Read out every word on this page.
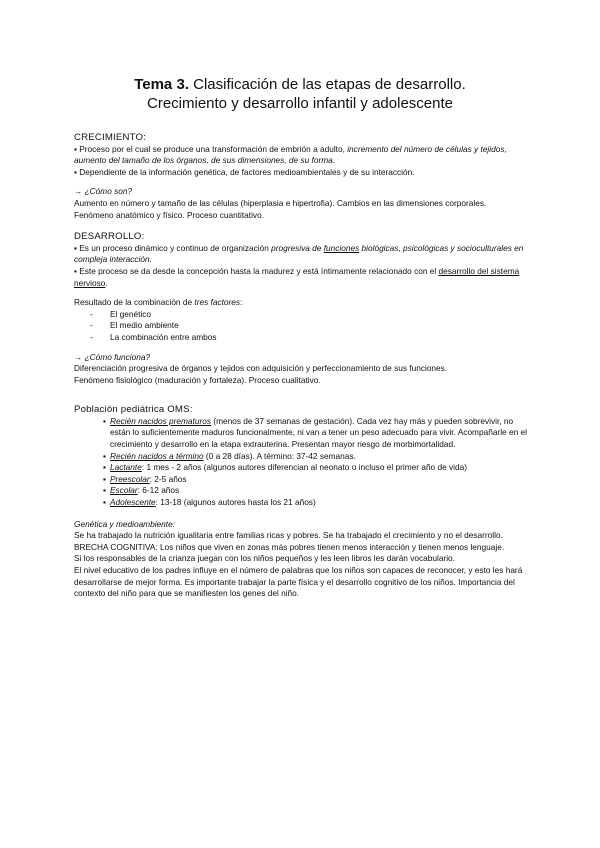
Tema 3. Clasificación de las etapas de desarrollo.
Crecimiento y desarrollo infantil y adolescente

CRECIMIENTO:

▪ Proceso por el cual se produce una transformación de embrión a adulto, incremento del número de células y tejidos, aumento del tamaño de los órganos, de sus dimensiones, de su forma.

▪ Dependiente de la información genética, de factores medioambientales y de su interacción.

→ ¿Cómo son?

Aumento en número y tamaño de las células (hiperplasia e hipertrofia). Cambios en las dimensiones corporales.

Fenómeno anatómico y físico. Proceso cuantitativo.

DESARROLLO:

▪ Es un proceso dinámico y continuo de organización progresiva de funciones biológicas, psicológicas y socioculturales en compleja interacción.

▪ Este proceso se da desde la concepción hasta la madurez y está íntimamente relacionado con el desarrollo del sistema nervioso.

Resultado de la combinación de tres factores:

- El genético
- El medio ambiente
- La combinación entre ambos

→ ¿Cómo funciona?

Diferenciación progresiva de órganos y tejidos con adquisición y perfeccionamiento de sus funciones.

Fenómeno fisiológico (maduración y fortaleza). Proceso cualitativo.

Población pediátrica OMS:

▪ Recién nacidos prematuros (menos de 37 semanas de gestación). Cada vez hay más y pueden sobrevivir, no están lo suficientemente maduros funcionalmente, ni van a tener un peso adecuado para vivir. Acompañarle en el crecimiento y desarrollo en la etapa extrauterina. Presentan mayor riesgo de morbimortalidad.
▪ Recién nacidos a término (0 a 28 días). A término: 37-42 semanas.
▪ Lactante: 1 mes - 2 años (algunos autores diferencian al neonato o incluso el primer año de vida)
▪ Preescolar: 2-5 años
▪ Escolar: 6-12 años
▪ Adolescente: 13-18 (algunos autores hasta los 21 años)

Genética y medioambiente:

Se ha trabajado la nutrición igualitaria entre familias ricas y pobres. Se ha trabajado el crecimiento y no el desarrollo.

BRECHA COGNITIVA: Los niños que viven en zonas más pobres tienen menos interacción y tienen menos lenguaje.

Si los responsables de la crianza juegan con los niños pequeños y les leen libros les darán vocabulario.

El nivel educativo de los padres influye en el número de palabras que los niños son capaces de reconocer, y esto les hará desarrollarse de mejor forma. Es importante trabajar la parte física y el desarrollo cognitivo de los niños. Importancia del contexto del niño para que se manifiesten los genes del niño.
